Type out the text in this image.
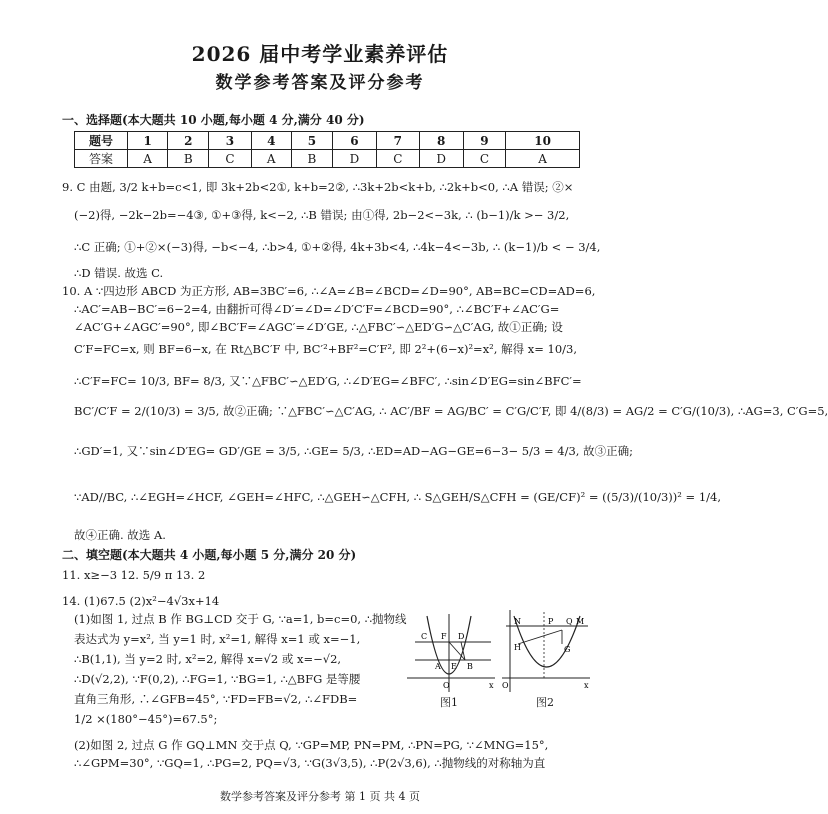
2026 届中考学业素养评估
数学参考答案及评分参考
一、选择题(本大题共 10 小题,每小题 4 分,满分 40 分)
题号	1	2	3	4	5	6	7	8	9	10
答案	A	B	C	A	B	D	C	D	C	A
9. C 由题, 3/2 k+b=c<1, 即 3k+2b<2①, k+b=2②, ∴3k+2b<k+b, ∴2k+b<0, ∴A 错误; ②×
(−2)得, −2k−2b=−4③, ①+③得, k<−2, ∴B 错误; 由①得, 2b−2<−3k, ∴ (b−1)/k >− 3/2,
∴C 正确; ①+②×(−3)得, −b<−4, ∴b>4, ①+②得, 4k+3b<4, ∴4k−4<−3b, ∴ (k−1)/b < − 3/4,
∴D 错误. 故选 C.
10. A ∵四边形 ABCD 为正方形, AB=3BC′=6, ∴∠A=∠B=∠BCD=∠D=90°, AB=BC=CD=AD=6,
∴AC′=AB−BC′=6−2=4, 由翻折可得∠D′=∠D=∠D′C′F=∠BCD=90°, ∴∠BC′F+∠AC′G=
∠AC′G+∠AGC′=90°, 即∠BC′F=∠AGC′=∠D′GE, ∴△FBC′∽△ED′G∽△C′AG, 故①正确; 设
C′F=FC=x, 则 BF=6−x, 在 Rt△BC′F 中, BC′²+BF²=C′F², 即 2²+(6−x)²=x², 解得 x= 10/3,
∴C′F=FC= 10/3, BF= 8/3, 又∵△FBC′∽△ED′G, ∴∠D′EG=∠BFC′, ∴sin∠D′EG=sin∠BFC′=
BC′/C′F = 2/(10/3) = 3/5, 故②正确; ∵△FBC′∽△C′AG, ∴ AC′/BF = AG/BC′ = C′G/C′F, 即 4/(8/3) = AG/2 = C′G/(10/3), ∴AG=3, C′G=5,
∴GD′=1, 又∵sin∠D′EG= GD′/GE = 3/5, ∴GE= 5/3, ∴ED=AD−AG−GE=6−3− 5/3 = 4/3, 故③正确;
∵AD//BC, ∴∠EGH=∠HCF, ∠GEH=∠HFC, ∴△GEH∽△CFH, ∴ S△GEH/S△CFH = (GE/CF)² = ((5/3)/(10/3))² = 1/4,
故④正确. 故选 A.
二、填空题(本大题共 4 小题,每小题 5 分,满分 20 分)
11. x≥−3 12. 5/9 π 13. 2
14. (1)67.5 (2)x²−4√3x+14
(1)如图 1, 过点 B 作 BG⊥CD 交于 G, ∵a=1, b=c=0, ∴抛物线
表达式为 y=x², 当 y=1 时, x²=1, 解得 x=1 或 x=−1,
∴B(1,1), 当 y=2 时, x²=2, 解得 x=√2 或 x=−√2,
∴D(√2,2), ∵F(0,2), ∴FG=1, ∵BG=1, ∴△BFG 是等腰
直角三角形, ∴∠GFB=45°, ∵FD=FB=√2, ∴∠FDB=
1/2 ×(180°−45°)=67.5°;
(2)如图 2, 过点 G 作 GQ⊥MN 交于点 Q, ∵GP=MP, PN=PM, ∴PN=PG, ∵∠MNG=15°,
∴∠GPM=30°, ∵GQ=1, ∴PG=2, PQ=√3, ∵G(3√3,5), ∴P(2√3,6), ∴抛物线的对称轴为直
C F D
A E B
O	x
图1
N	P Q M
H	G
O	x
图2
数学参考答案及评分参考 第 1 页 共 4 页
